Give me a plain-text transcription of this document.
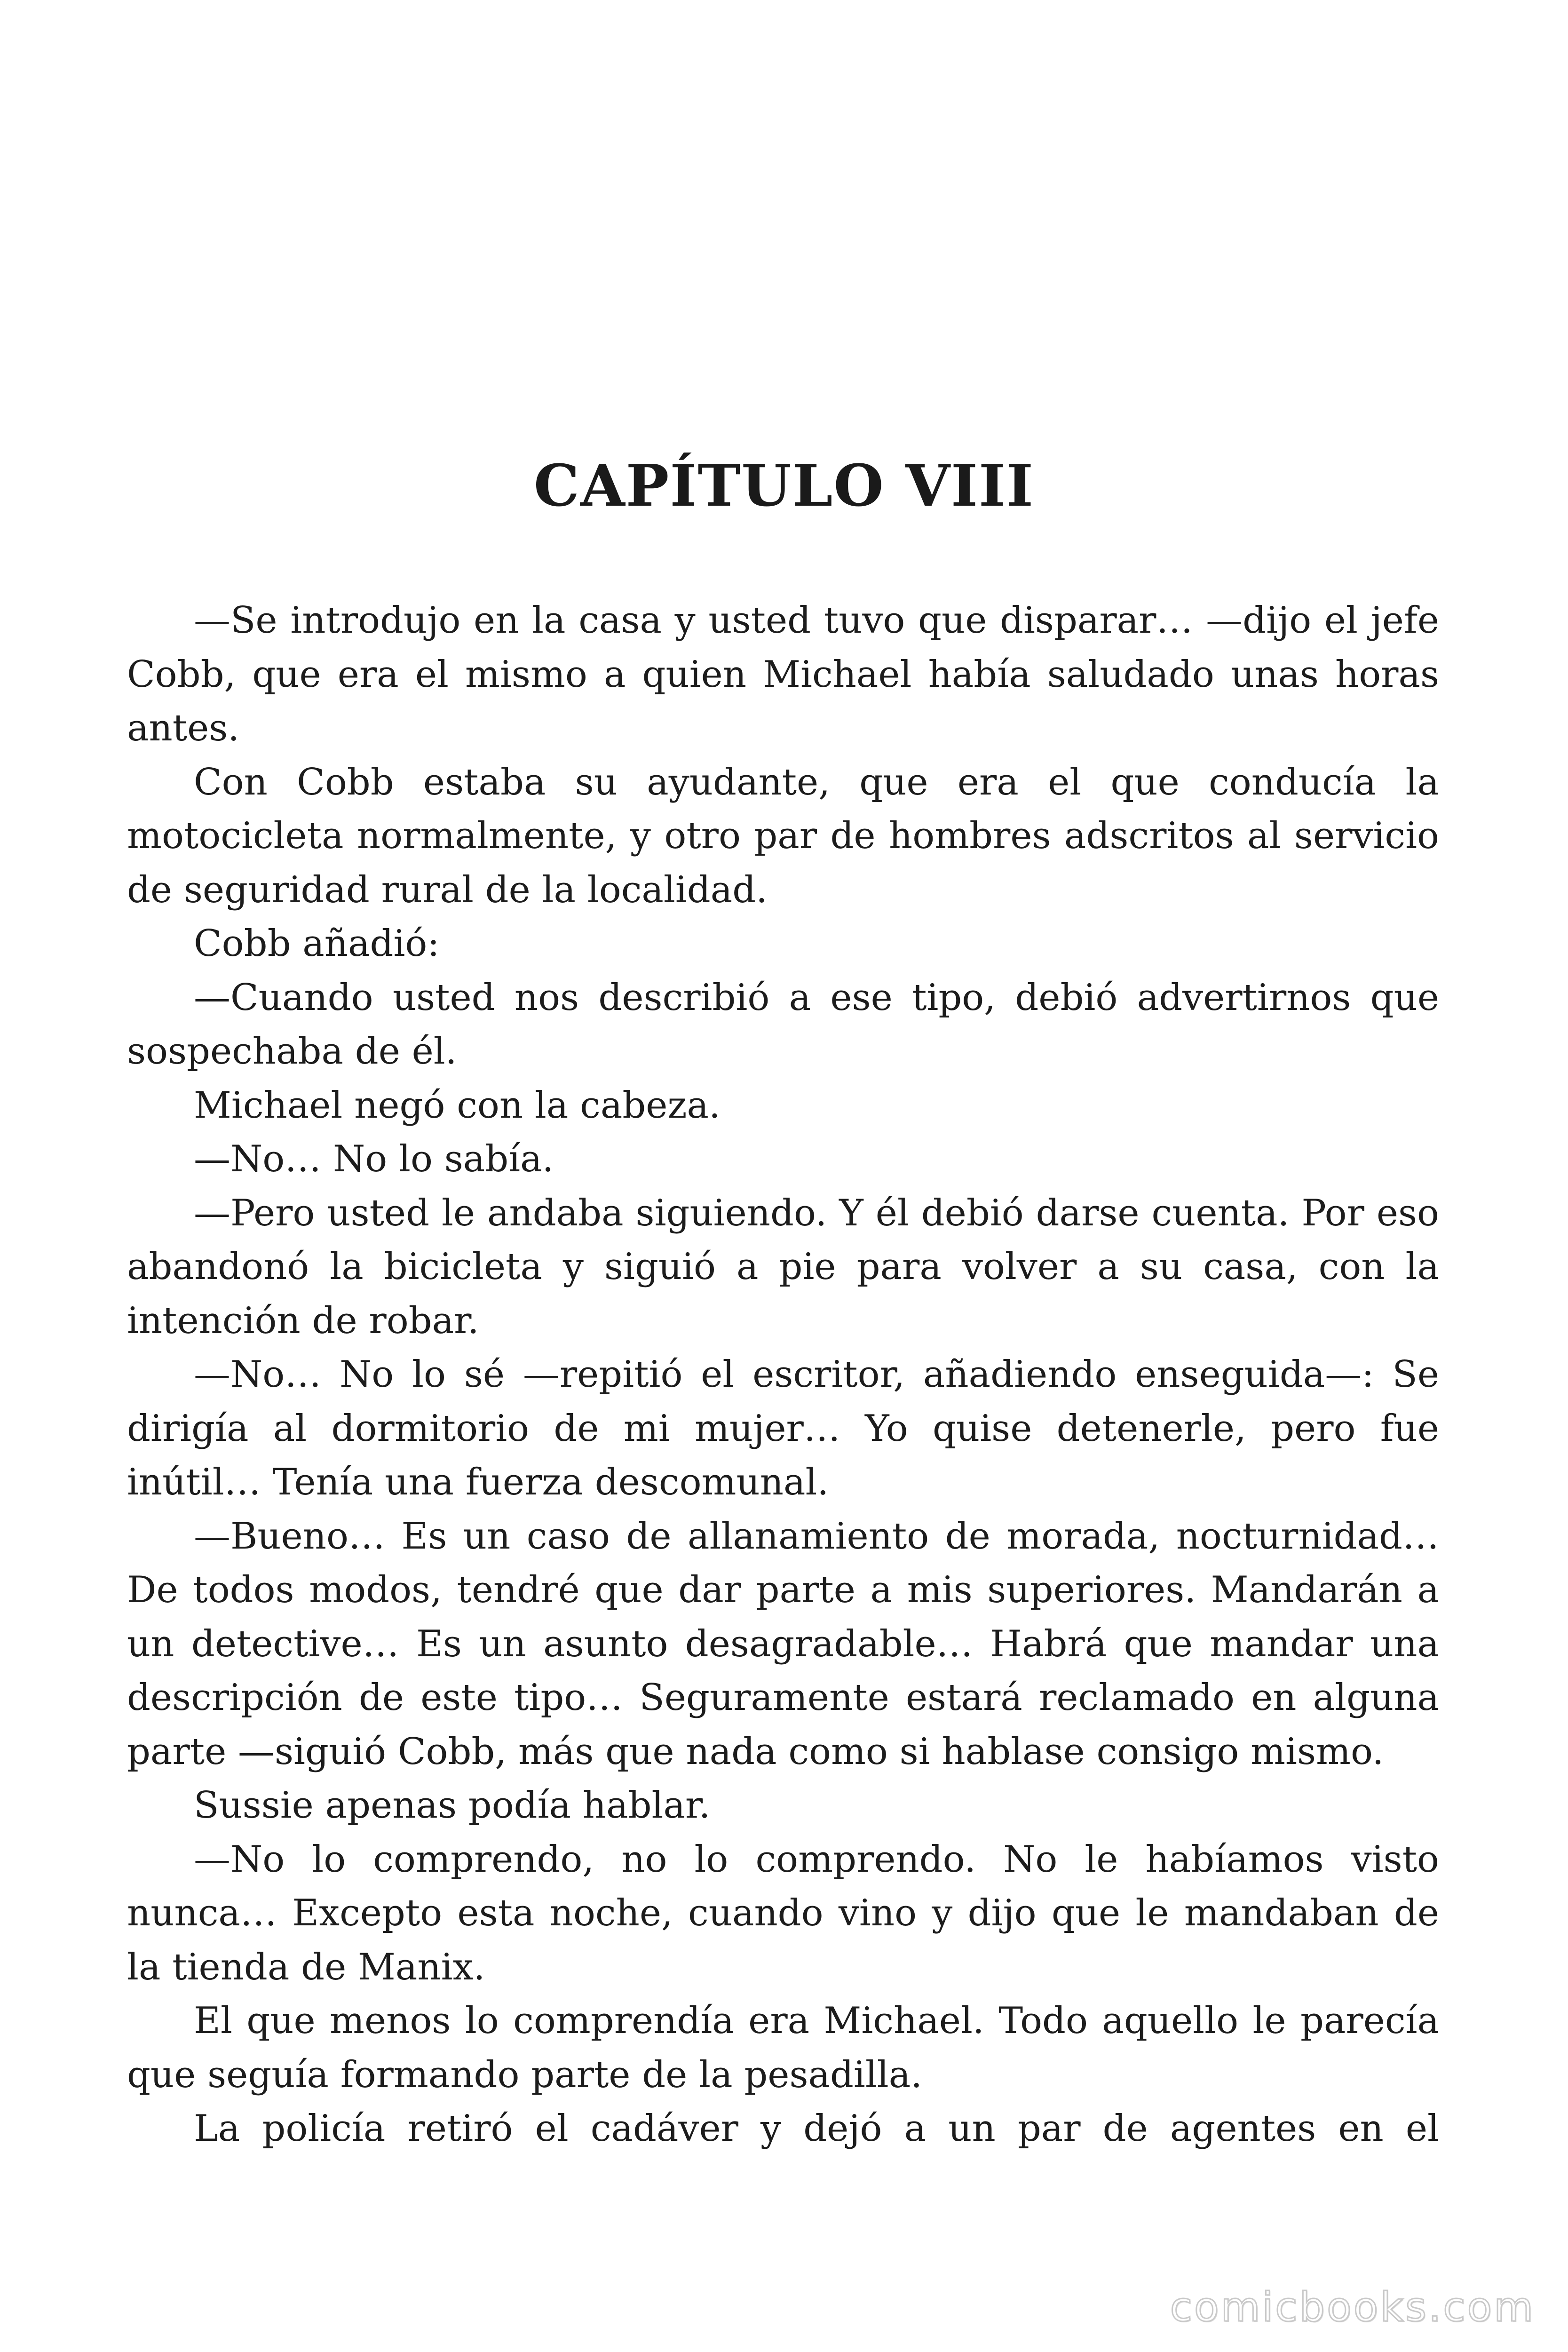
CAPÍTULO VIII

—Se introdujo en la casa y usted tuvo que disparar… —dijo el jefe Cobb, que era el mismo a quien Michael había saludado unas horas antes.

Con Cobb estaba su ayudante, que era el que conducía la motocicleta normalmente, y otro par de hombres adscritos al servicio de seguridad rural de la localidad.

Cobb añadió:

—Cuando usted nos describió a ese tipo, debió advertirnos que sospechaba de él.

Michael negó con la cabeza.

—No… No lo sabía.

—Pero usted le andaba siguiendo. Y él debió darse cuenta. Por eso abandonó la bicicleta y siguió a pie para volver a su casa, con la intención de robar.

—No… No lo sé —repitió el escritor, añadiendo enseguida—: Se dirigía al dormitorio de mi mujer… Yo quise detenerle, pero fue inútil… Tenía una fuerza descomunal.

—Bueno… Es un caso de allanamiento de morada, nocturnidad… De todos modos, tendré que dar parte a mis superiores. Mandarán a un detective… Es un asunto desagradable… Habrá que mandar una descripción de este tipo… Seguramente estará reclamado en alguna parte —siguió Cobb, más que nada como si hablase consigo mismo.

Sussie apenas podía hablar.

—No lo comprendo, no lo comprendo. No le habíamos visto nunca… Excepto esta noche, cuando vino y dijo que le mandaban de la tienda de Manix.

El que menos lo comprendía era Michael. Todo aquello le parecía que seguía formando parte de la pesadilla.

La policía retiró el cadáver y dejó a un par de agentes en el

comicbooks.com
